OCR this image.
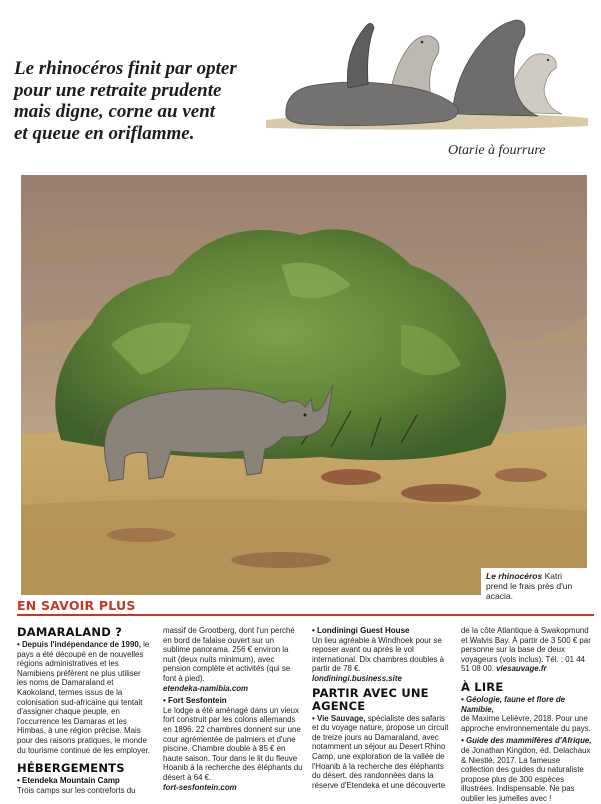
Le rhinocéros finit par opter
pour une retraite prudente
mais digne, corne au vent
et queue en oriflamme.
Otarie à fourrure
Le rhinocéros Katri prend le frais près d'un acacia.
EN SAVOIR PLUS
DAMARALAND ?
• Depuis l'indépendance de 1990, le pays a été découpé en de nouvelles régions administratives et les Namibiens préfèrent ne plus utiliser les noms de Damaraland et Kaokoland, termes issus de la colonisation sud-africaine qui tentait d'assigner chaque peuple, en l'occurrence les Damaras et les Himbas, à une région précise. Mais pour des raisons pratiques, le monde du tourisme continue de les employer.
HÉBERGEMENTS
• Etendeka Mountain Camp
Trois camps sur les contreforts du
massif de Grootberg, dont l'un perché en bord de falaise ouvert sur un sublime panorama. 256 € environ la nuit (deux nuits minimum), avec pension complète et activités (qui se font à pied).
etendeka-namibia.com
• Fort Sesfontein
Le lodge a été aménagé dans un vieux fort construit par les colons allemands en 1896. 22 chambres donnent sur une cour agrémentée de palmiers et d'une piscine. Chambre double à 85 € en haute saison. Tour dans le lit du fleuve Hoanib à la recherche des éléphants du désert à 64 €.
fort-sesfontein.com
• Londiningi Guest House
Un lieu agréable à Windhoek pour se reposer avant ou après le vol international. Dix chambres doubles à partir de 78 €.
londiningi.business.site
PARTIR AVEC UNE AGENCE
• Vie Sauvage, spécialiste des safaris et du voyage nature, propose un circuit de treize jours au Damaraland, avec notamment un séjour au Desert Rhino Camp, une exploration de la vallée de l'Hoanib à la recherche des éléphants du désert, des randonnées dans la réserve d'Etendeka et une découverte
de la côte Atlantique à Swakopmund et Walvis Bay. À partir de 3 500 € par personne sur la base de deux voyageurs (vols inclus). Tél. : 01 44 51 08 00. viesauvage.fr
À LIRE
• Géologie, faune et flore de Namibie,
de Maxime Lelièvre, 2018. Pour une approche environnementale du pays.
• Guide des mammifères d'Afrique,
de Jonathan Kingdon, éd. Delachaux & Niestlé, 2017. La fameuse collection des guides du naturaliste propose plus de 300 espèces illustrées. Indispensable. Ne pas oublier les jumelles avec !
